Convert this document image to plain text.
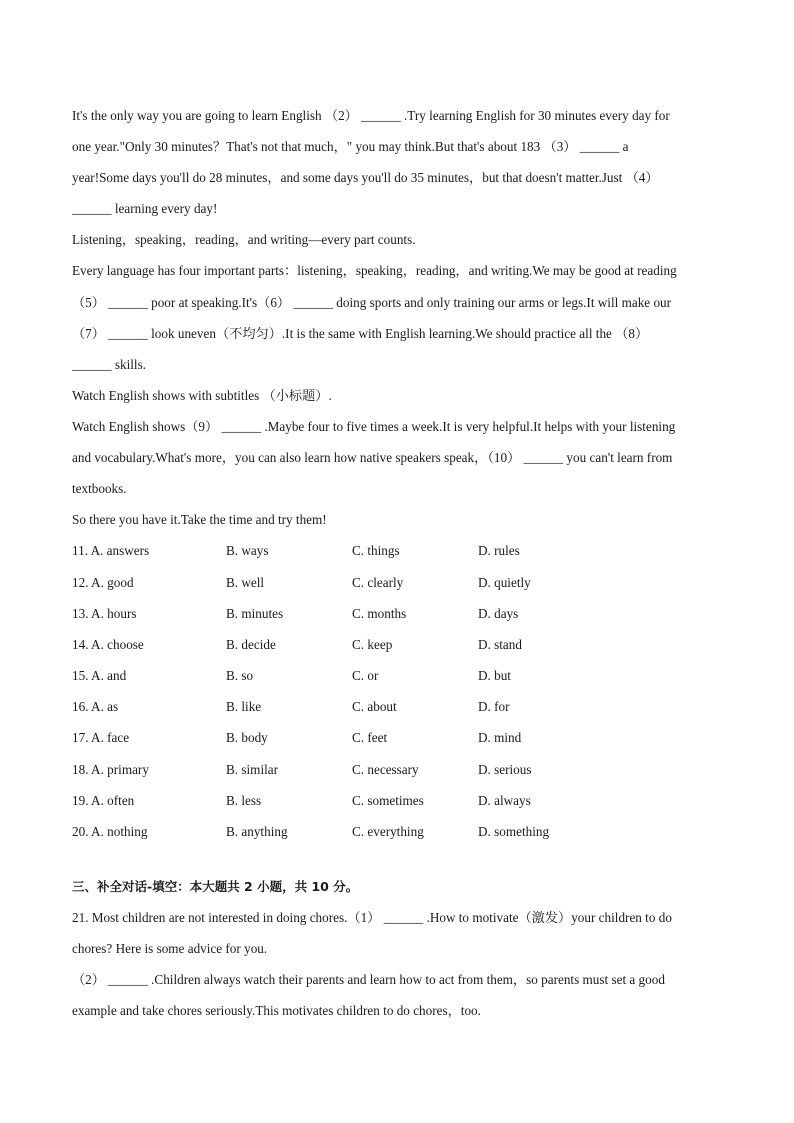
It's the only way you are going to learn English （2） ______ .Try learning English for 30 minutes every day for
one year."Only 30 minutes？That's not that much，" you may think.But that's about 183 （3） ______ a
year!Some days you'll do 28 minutes，and some days you'll do 35 minutes，but that doesn't matter.Just （4）
______ learning every day!
Listening，speaking，reading，and writing—every part counts.
Every language has four important parts：listening，speaking，reading，and writing.We may be good at reading
（5） ______ poor at speaking.It's（6） ______ doing sports and only training our arms or legs.It will make our
（7） ______ look uneven（不均匀）.It is the same with English learning.We should practice all the （8）
______ skills.
Watch English shows with subtitles （小标题）.
Watch English shows（9） ______ .Maybe four to five times a week.It is very helpful.It helps with your listening
and vocabulary.What's more，you can also learn how native speakers speak，（10） ______ you can't learn from
textbooks.
So there you have it.Take the time and try them!
11. A. answers	B. ways	C. things	D. rules
12. A. good	B. well	C. clearly	D. quietly
13. A. hours	B. minutes	C. months	D. days
14. A. choose	B. decide	C. keep	D. stand
15. A. and	B. so	C. or	D. but
16. A. as	B. like	C. about	D. for
17. A. face	B. body	C. feet	D. mind
18. A. primary	B. similar	C. necessary	D. serious
19. A. often	B. less	C. sometimes	D. always
20. A. nothing	B. anything	C. everything	D. something
三、补全对话-填空：本大题共 2 小题，共 10 分。
21. Most children are not interested in doing chores.（1） ______ .How to motivate（激发）your children to do
chores? Here is some advice for you.
（2） ______ .Children always watch their parents and learn how to act from them，so parents must set a good
example and take chores seriously.This motivates children to do chores，too.
